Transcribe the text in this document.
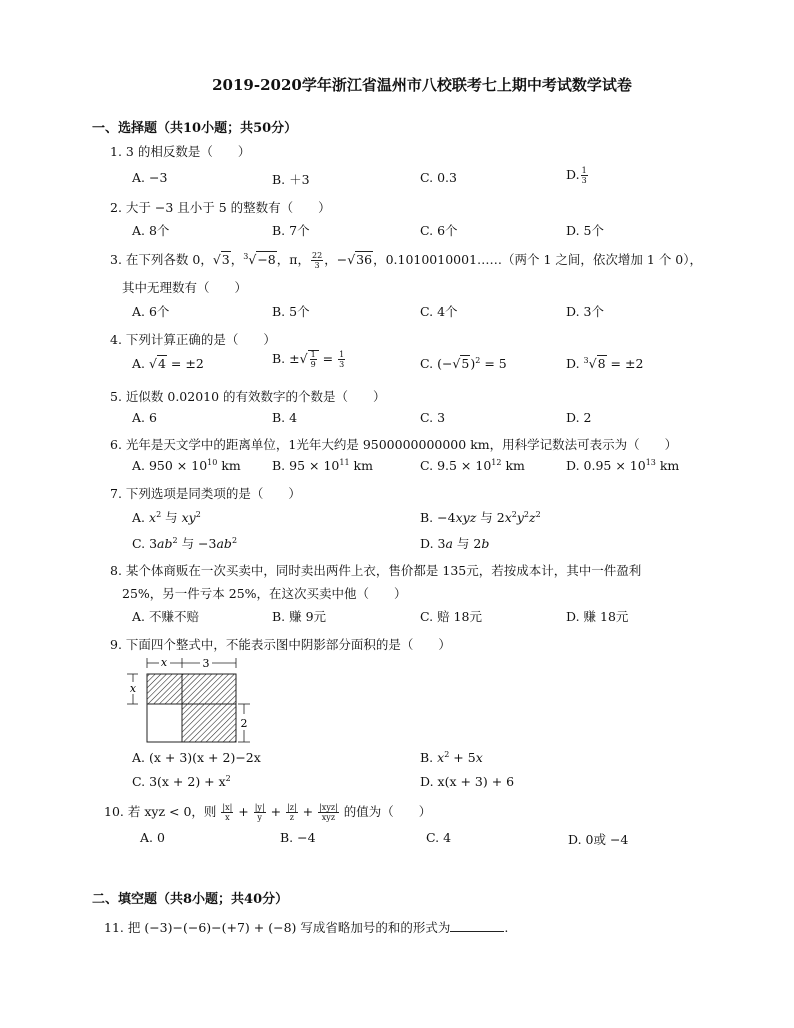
2019-2020学年浙江省温州市八校联考七上期中考试数学试卷
一、选择题（共10小题；共50分）
1. 3 的相反数是（　　）
A. −3	B. ＋3	C. 0.3	D. $\frac{1}{3}$
2. 大于 −3 且小于 5 的整数有（　　）
A. 8个	B. 7个	C. 6个	D. 5个
3. 在下列各数 0，√3，$^3$√−8，π， $\frac{22}{3}$ ，−√36，0.1010010001……（两个 1 之间，依次增加 1 个 0），
其中无理数有（　　）
A. 6个	B. 5个	C. 4个	D. 3个
4. 下列计算正确的是（　　）
A. √4 = ±2	B. ±√ $\frac{1}{9} = \frac{1}{3}$	C. $(-√5)^2 = 5$	D. $^3$√8 = ±2
5. 近似数 0.02010 的有效数字的个数是（　　）
A. 6	B. 4	C. 3	D. 2
6. 光年是天文学中的距离单位，1光年大约是 9500000000000 km，用科学记数法可表示为（　　）
A. $950 \times 10^{10}$ km B. $95 \times 10^{11}$ km	C. $9.5 \times 10^{12}$ km	D. $0.95 \times 10^{13}$ km
7. 下列选项是同类项的是（　　）
A. $x^2$ 与 $xy^2$	B. −4xyz 与 $2x^2y^2z^2$
C. $3ab^2$ 与 $-3ab^2$	D. 3a 与 2b
8. 某个体商贩在一次买卖中，同时卖出两件上衣，售价都是 135元，若按成本计，其中一件盈利
25%，另一件亏本 25%，在这次买卖中他（　　）
A. 不赚不赔	B. 赚 9元	C. 赔 18元	D. 赚 18元
9. 下面四个整式中，不能表示图中阴影部分面积的是（　　）
x	3
x
2
A. (x + 3)(x + 2)−2x	B. $x^2 + 5x$
C. $3(x + 2) + x^2$	D. x(x + 3) + 6
10. 若 xyz < 0，则 $\frac{|x|}{x} + \frac{|y|}{y} + \frac{|z|}{z} + \frac{\text{|xyz|}}{\text{xyz}}$ 的值为（　　）
A. 0	B. −4	C. 4	D. 0或 −4
二、填空题（共8小题；共40分）
11. 把 (−3)−(−6)−(+7) + (−8) 写成省略加号的和的形式为	.
